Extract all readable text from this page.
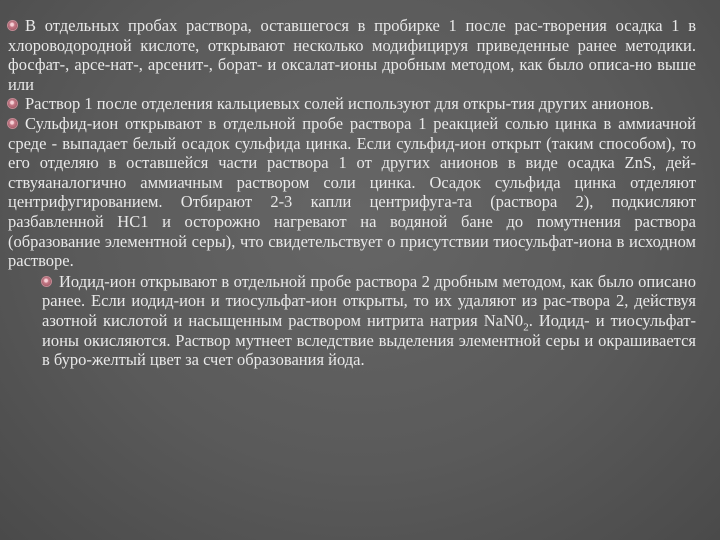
В отдельных пробах раствора, оставшегося в пробирке 1 после рас-творения осадка 1 в хлороводородной кислоте, открывают несколько модифицируя приведенные ранее методики. фосфат-, арсе-нат-, арсенит-, борат- и оксалат-ионы дробным методом, как было описа-но выше или

Раствор 1 после отделения кальциевых солей используют для откры-тия других анионов.

Сульфид-ион открывают в отдельной пробе раствора 1 реакцией солью цинка в аммиачной среде - выпадает белый осадок сульфида цинка. Если сульфид-ион открыт (таким способом), то его отделяю в оставшейся части раствора 1 от других анионов в виде осадка ZnS, дей-ствуяаналогично аммиачным раствором соли цинка. Осадок сульфида цинка отделяют центрифугированием. Отбирают 2-3 капли центрифуга-та (раствора 2), подкисляют разбавленной НС1 и осторожно нагревают на водяной бане до помутнения раствора (образование элементной серы), что свидетельствует о присутствии тиосульфат-иона в исходном растворе.

Иодид-ион открывают в отдельной пробе раствора 2 дробным методом, как было описано ранее. Если иодид-ион и тиосульфат-ион открыты, то их удаляют из рас-твора 2, действуя азотной кислотой и насыщенным раствором нитрита натрия $NaN0_2$. Иодид- и тиосульфат-ионы окисляются. Раствор мутнеет вследствие выделения элементной серы и окрашивается в буро-желтый цвет за счет образования йода.
